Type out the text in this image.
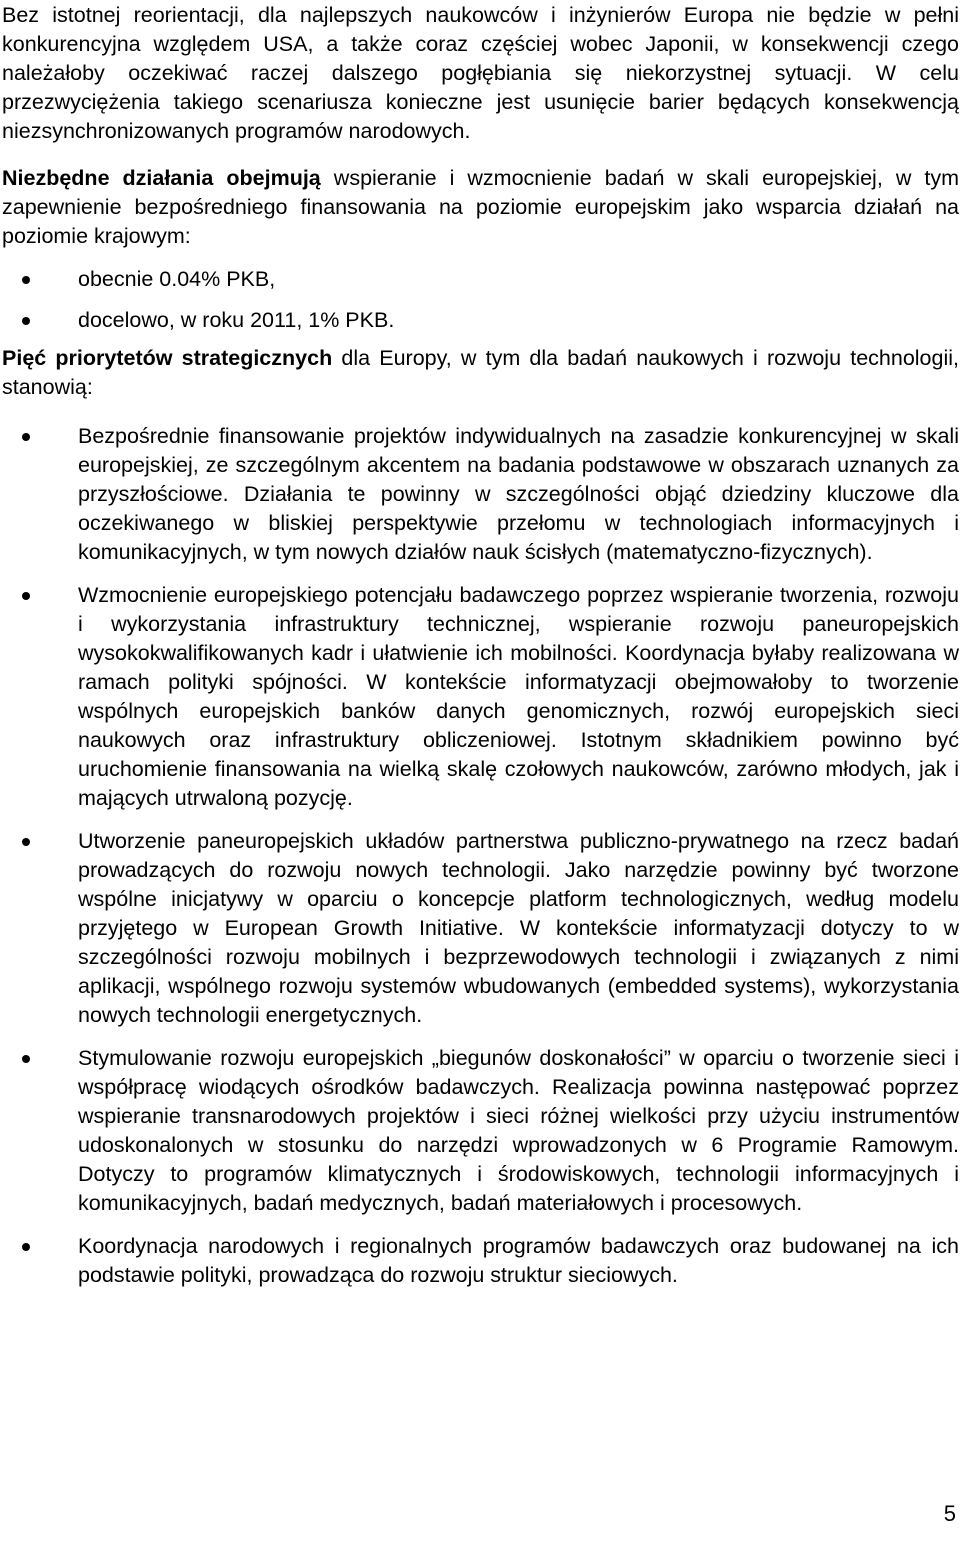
Bez istotnej reorientacji, dla najlepszych naukowców i inżynierów Europa nie będzie w pełni konkurencyjna względem USA, a także coraz częściej wobec Japonii, w konsekwencji czego należałoby oczekiwać raczej dalszego pogłębiania się niekorzystnej sytuacji. W celu przezwyciężenia takiego scenariusza konieczne jest usunięcie barier będących konsekwencją niezsynchronizowanych programów narodowych.

Niezbędne działania obejmują wspieranie i wzmocnienie badań w skali europejskiej, w tym zapewnienie bezpośredniego finansowania na poziomie europejskim jako wsparcia działań na poziomie krajowym:

obecnie 0.04% PKB,
docelowo, w roku 2011, 1% PKB.

Pięć priorytetów strategicznych dla Europy, w tym dla badań naukowych i rozwoju technologii, stanowią:

Bezpośrednie finansowanie projektów indywidualnych na zasadzie konkurencyjnej w skali europejskiej, ze szczególnym akcentem na badania podstawowe w obszarach uznanych za przyszłościowe. Działania te powinny w szczególności objąć dziedziny kluczowe dla oczekiwanego w bliskiej perspektywie przełomu w technologiach informacyjnych i komunikacyjnych, w tym nowych działów nauk ścisłych (matematyczno-fizycznych).
Wzmocnienie europejskiego potencjału badawczego poprzez wspieranie tworzenia, rozwoju i wykorzystania infrastruktury technicznej, wspieranie rozwoju paneuropejskich wysokokwalifikowanych kadr i ułatwienie ich mobilności. Koordynacja byłaby realizowana w ramach polityki spójności. W kontekście informatyzacji obejmowałoby to tworzenie wspólnych europejskich banków danych genomicznych, rozwój europejskich sieci naukowych oraz infrastruktury obliczeniowej. Istotnym składnikiem powinno być uruchomienie finansowania na wielką skalę czołowych naukowców, zarówno młodych, jak i mających utrwaloną pozycję.
Utworzenie paneuropejskich układów partnerstwa publiczno-prywatnego na rzecz badań prowadzących do rozwoju nowych technologii. Jako narzędzie powinny być tworzone wspólne inicjatywy w oparciu o koncepcje platform technologicznych, według modelu przyjętego w European Growth Initiative. W kontekście informatyzacji dotyczy to w szczególności rozwoju mobilnych i bezprzewodowych technologii i związanych z nimi aplikacji, wspólnego rozwoju systemów wbudowanych (embedded systems), wykorzystania nowych technologii energetycznych.
Stymulowanie rozwoju europejskich „biegunów doskonałości” w oparciu o tworzenie sieci i współpracę wiodących ośrodków badawczych. Realizacja powinna następować poprzez wspieranie transnarodowych projektów i sieci różnej wielkości przy użyciu instrumentów udoskonalonych w stosunku do narzędzi wprowadzonych w 6 Programie Ramowym. Dotyczy to programów klimatycznych i środowiskowych, technologii informacyjnych i komunikacyjnych, badań medycznych, badań materiałowych i procesowych.
Koordynacja narodowych i regionalnych programów badawczych oraz budowanej na ich podstawie polityki, prowadząca do rozwoju struktur sieciowych.
5
